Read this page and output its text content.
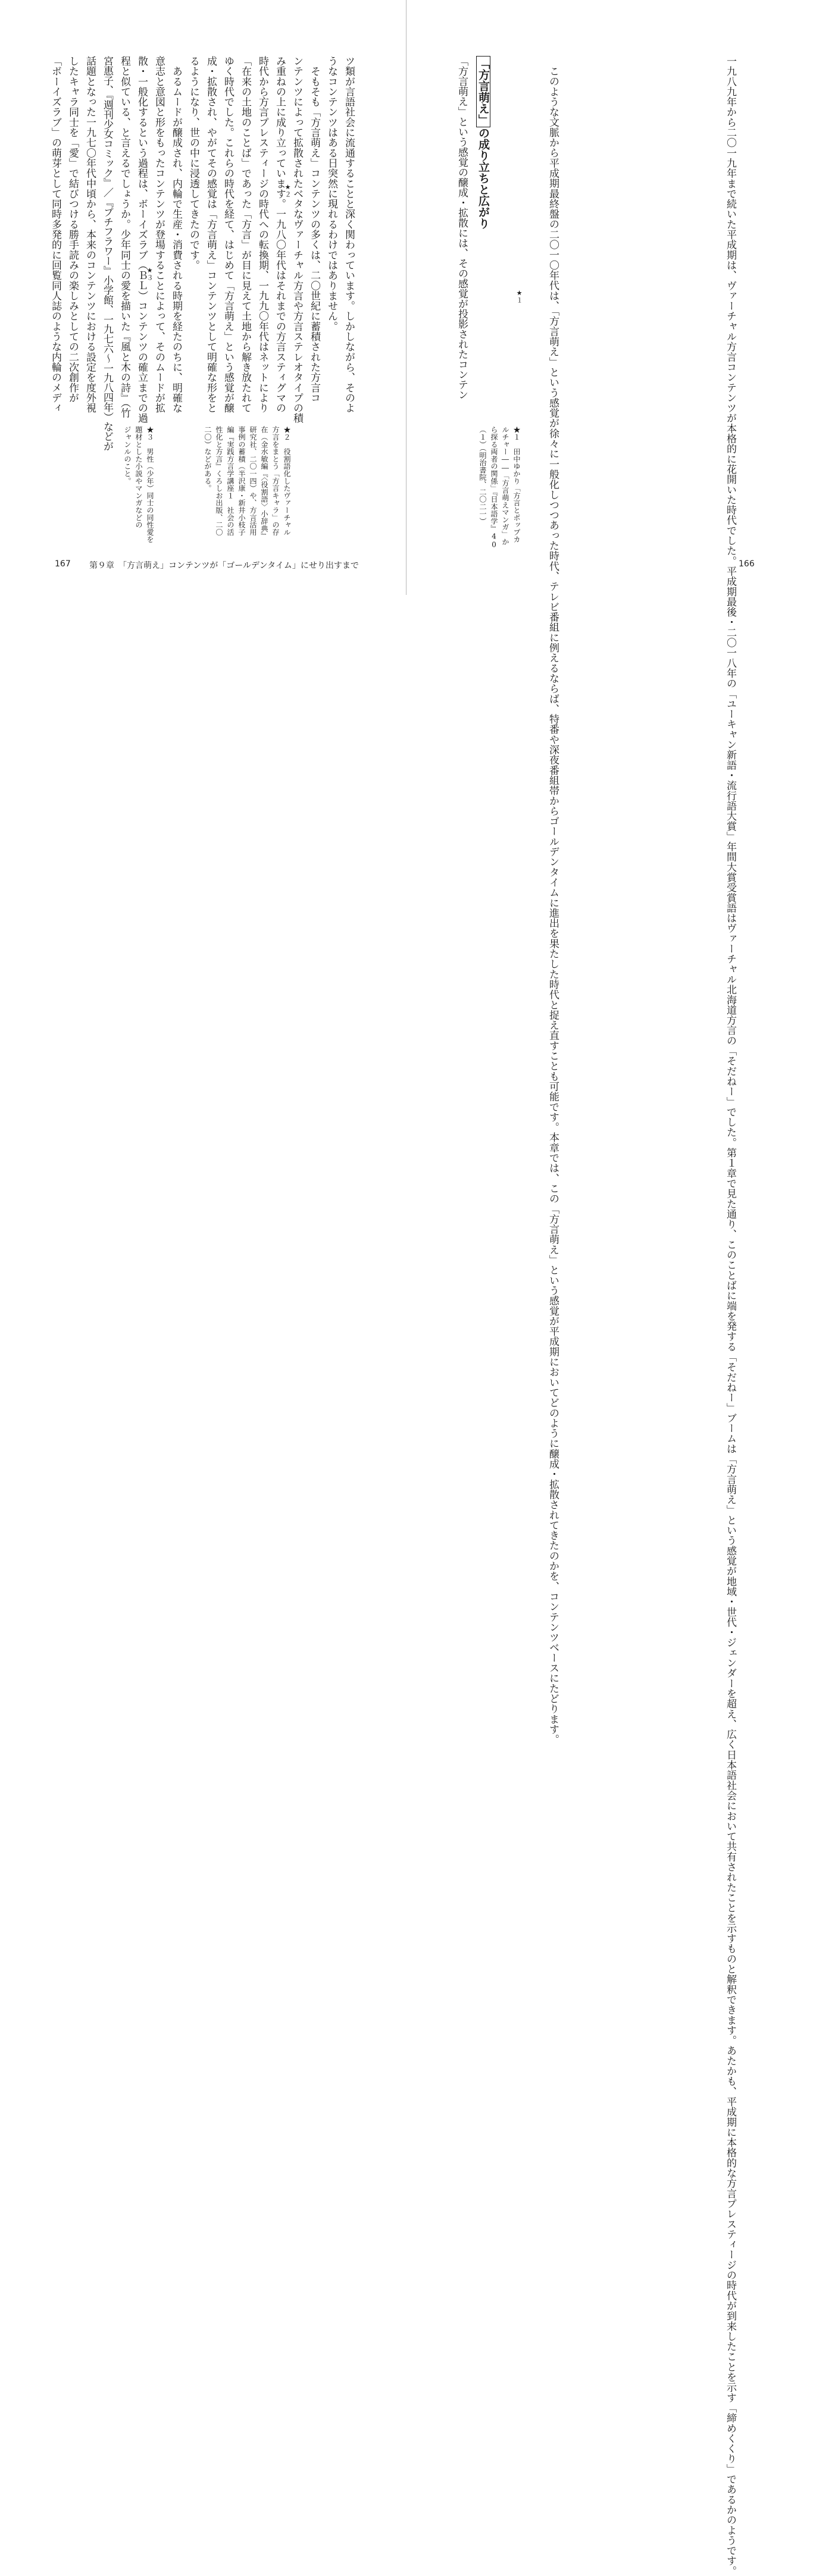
一九八九年から二〇一九年まで続いた平成期は、ヴァーチャル方言コンテンツが本格的に花開いた時代でした。平成期最後・二〇一八年の「ユーキャン新語・流行語大賞」年間大賞受賞語はヴァーチャル北海道方言の「そだねー」でした。第１章で見た通り、このことばに端を発する「そだねー」ブームは「方言萌え」という感覚が地域・世代・ジェンダーを超え、広く日本語社会において共有されたことを示すものと解釈できます。あたかも、平成期に本格的な方言プレスティージの時代が到来したことを示す「締めくくり」であるかのようです。

このような文脈から平成期最終盤の二〇一〇年代は、「方言萌え」という感覚が徐々に一般化しつつあった時代、テレビ番組に例えるならば、特番や深夜番組帯からゴールデンタイムに進出を果たした時代と捉え直すことも可能です。本章では、この「方言萌え」という感覚が平成期においてどのように醸成・拡散されてきたのかを、コンテンツベースにたどります。

「方言萌え」の成り立ちと広がり

「方言萌え」という感覚の醸成・拡散には、その感覚が投影されたコンテン

★１　田中ゆかり「方言とポップカ

ルチャー――「方言萌えマンガ」か

ら探る両者の関係」『日本語学』40

（１）（明治書院、二〇二一）

★１
166

ツ類が言語社会に流通することと深く関わっています。しかしながら、そのよ

うなコンテンツはある日突然に現れるわけではありません。

　そもそも「方言萌え」コンテンツの多くは、二〇世紀に蓄積された方言コ

ンテンツによって拡散されたベタなヴァーチャル方言や方言ステレオタイプの積

み重ねの上に成り立っています。一九八〇年代はそれまでの方言スティグマの

時代から方言プレスティージの時代への転換期、一九九〇年代はネットにより

「在来の土地のことば」であった「方言」が目に見えて土地から解き放たれて

ゆく時代でした。これらの時代を経て、はじめて「方言萌え」という感覚が醸

成・拡散され、やがてその感覚は「方言萌え」コンテンツとして明確な形をと

るようになり、世の中に浸透してきたのです。

　あるムードが醸成され、内輪で生産・消費される時期を経たのちに、明確な

意志と意図と形をもったコンテンツが登場することによって、そのムードが拡

散・一般化するという過程は、ボーイズラブ（ＢＬ）コンテンツの確立までの過

程と似ている、と言えるでしょうか。少年同士の愛を描いた『風と木の詩』（竹

宮惠子、『週刊少女コミック』／『プチフラワー』小学館、一九七六～一九八四年）などが

話題となった一九七〇年代中頃から、本来のコンテンツにおける設定を度外視

したキャラ同士を「愛」で結びつける勝手読みの楽しみとしての二次創作が

「ボーイズラブ」の萌芽として同時多発的に回覧同人誌のような内輪のメディ	★２
★３

★２　役割語化したヴァーチャル

方言をまとう「方言キャラ」の存

在（金水敏編『〈役割語〉小辞典』

研究社、二〇一四）や、方言活用

事例の蓄積（半沢康・新井小枝子

編『実践方言学講座１　社会の活

性化と方言』くろしお出版、二〇

二〇）などがある。

★３　男性（少年）同士の同性愛を

題材とした小説やマンガなどの

ジャンルのこと。

167 第９章　「方言萌え」コンテンツが「ゴールデンタイム」にせり出すまで
